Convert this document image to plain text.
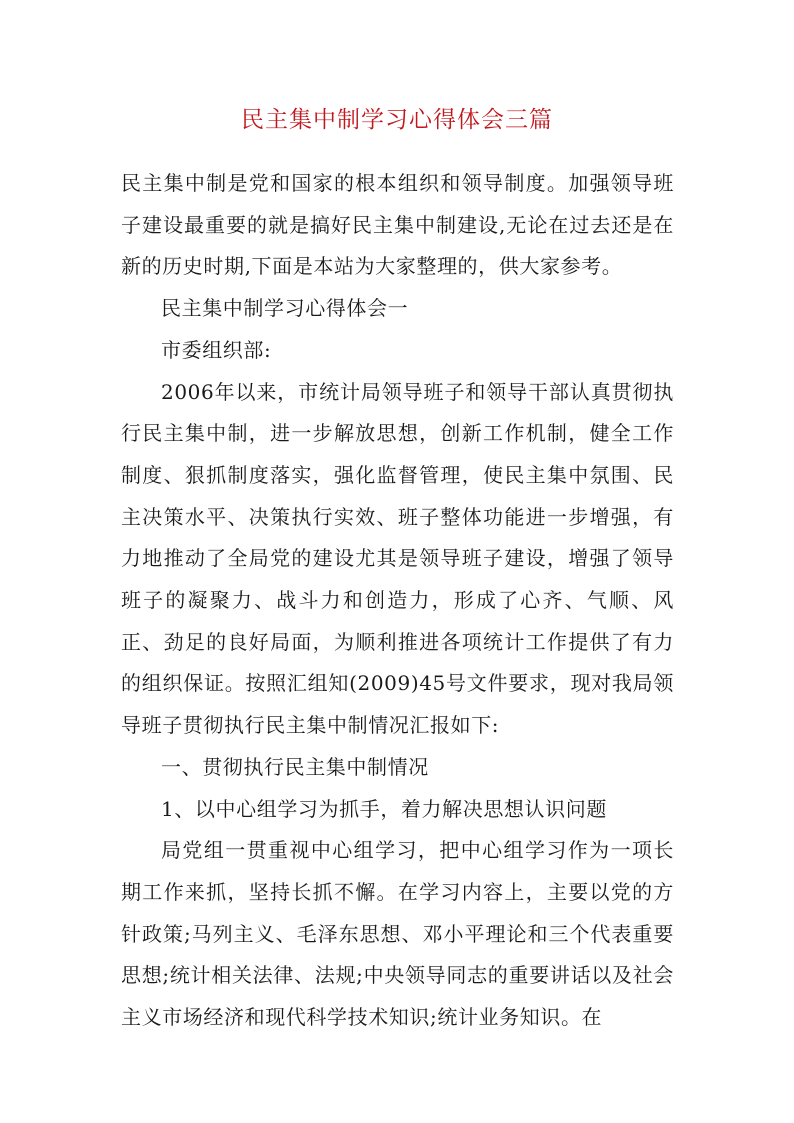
民主集中制学习心得体会三篇

民主集中制是党和国家的根本组织和领导制度。加强领导班子建设最重要的就是搞好民主集中制建设,无论在过去还是在新的历史时期,下面是本站为大家整理的，供大家参考。

民主集中制学习心得体会一

市委组织部:

2006年以来，市统计局领导班子和领导干部认真贯彻执行民主集中制，进一步解放思想，创新工作机制，健全工作制度、狠抓制度落实，强化监督管理，使民主集中氛围、民主决策水平、决策执行实效、班子整体功能进一步增强，有力地推动了全局党的建设尤其是领导班子建设，增强了领导班子的凝聚力、战斗力和创造力，形成了心齐、气顺、风正、劲足的良好局面，为顺利推进各项统计工作提供了有力的组织保证。按照汇组知(2009)45号文件要求，现对我局领导班子贯彻执行民主集中制情况汇报如下:

一、贯彻执行民主集中制情况

1、以中心组学习为抓手，着力解决思想认识问题

局党组一贯重视中心组学习，把中心组学习作为一项长期工作来抓，坚持长抓不懈。在学习内容上，主要以党的方针政策;马列主义、毛泽东思想、邓小平理论和三个代表重要思想;统计相关法律、法规;中央领导同志的重要讲话以及社会主义市场经济和现代科学技术知识;统计业务知识。在
